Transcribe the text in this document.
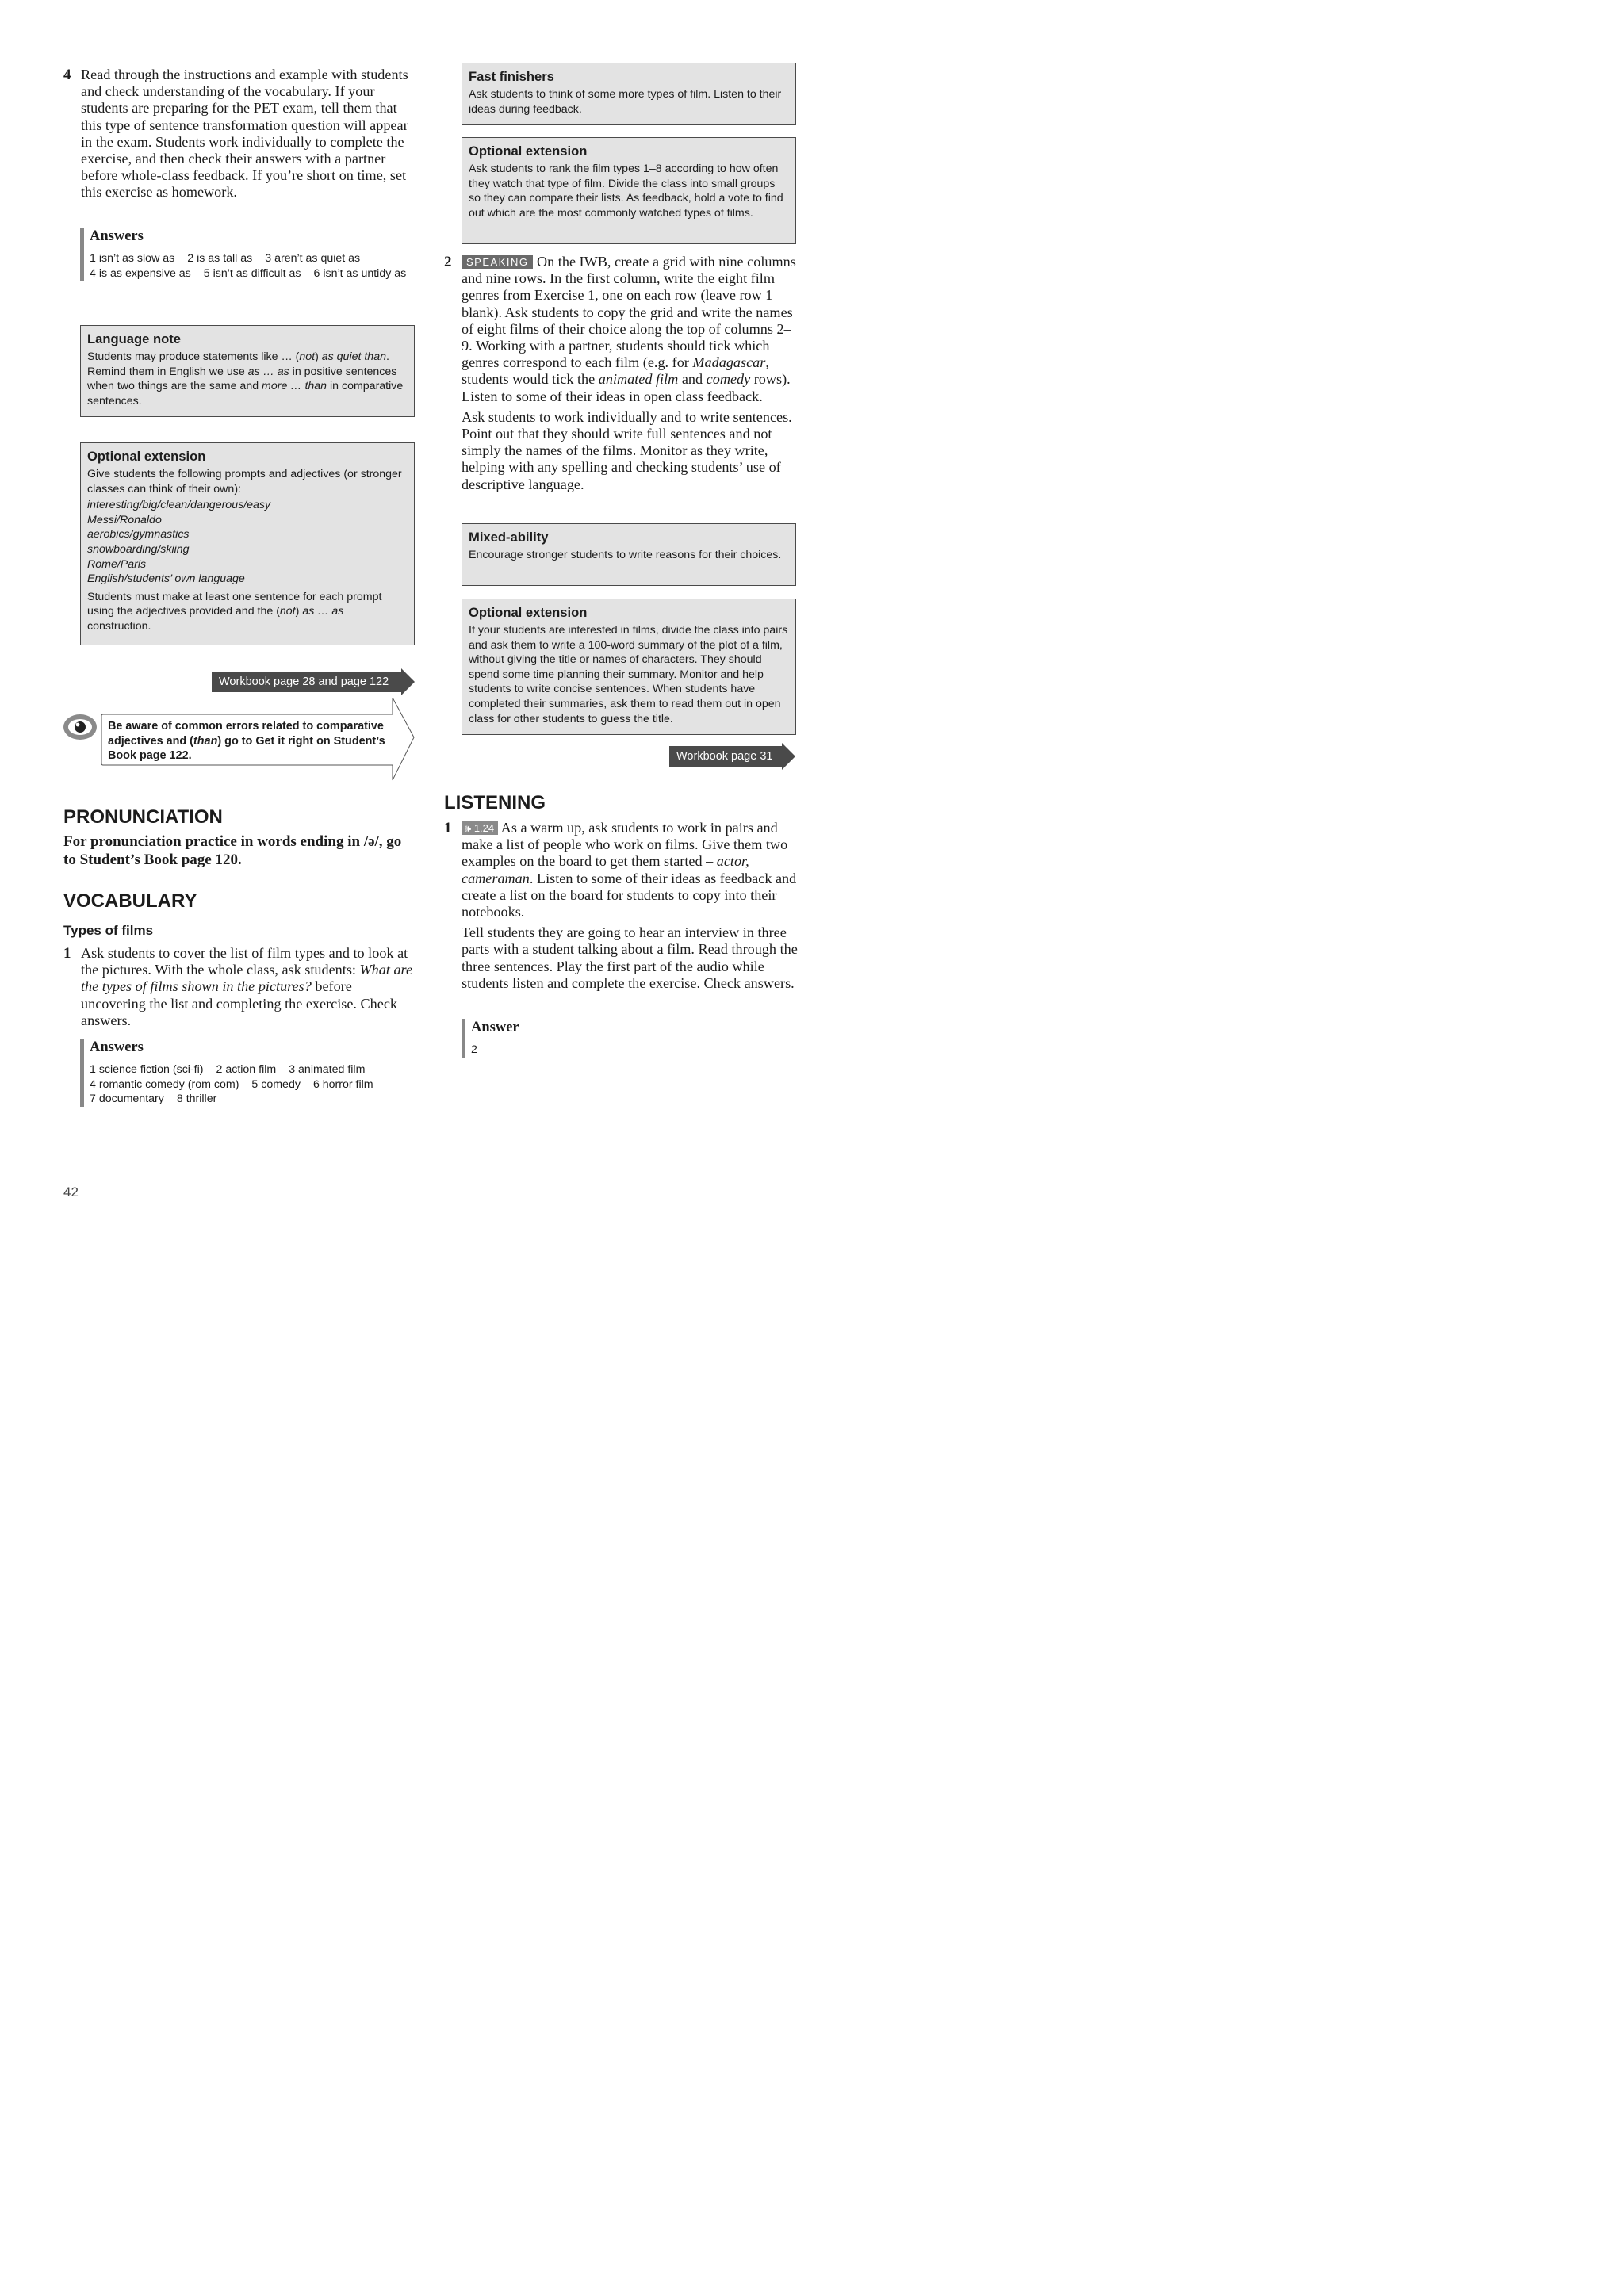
4 Read through the instructions and example with students and check understanding of the vocabulary. If your students are preparing for the PET exam, tell them that this type of sentence transformation question will appear in the exam. Students work individually to complete the exercise, and then check their answers with a partner before whole-class feedback. If you’re short on time, set this exercise as homework.

Answers

1 isn’t as slow as 2 is as tall as 3 aren’t as quiet as
4 is as expensive as 5 isn’t as difficult as 6 isn’t as untidy as

Language note

Students may produce statements like … (not) as quiet than. Remind them in English we use as … as in positive sentences when two things are the same and more … than in comparative sentences.

Optional extension

Give students the following prompts and adjectives (or stronger classes can think of their own):

interesting/big/clean/dangerous/easy
Messi/Ronaldo
aerobics/gymnastics
snowboarding/skiing
Rome/Paris
English/students’ own language

Students must make at least one sentence for each prompt using the adjectives provided and the (not) as … as construction.

Workbook page 28 and page 122

Be aware of common errors related to comparative adjectives and (than) go to Get it right on Student’s Book page 122.

PRONUNCIATION

For pronunciation practice in words ending in /ə/, go to Student’s Book page 120.

VOCABULARY

Types of films

1 Ask students to cover the list of film types and to look at the pictures. With the whole class, ask students: What are the types of films shown in the pictures? before uncovering the list and completing the exercise. Check answers.

Answers

1 science fiction (sci-fi) 2 action film 3 animated film
4 romantic comedy (rom com) 5 comedy 6 horror film
7 documentary 8 thriller

42

Fast finishers

Ask students to think of some more types of film. Listen to their ideas during feedback.

Optional extension

Ask students to rank the film types 1–8 according to how often they watch that type of film. Divide the class into small groups so they can compare their lists. As feedback, hold a vote to find out which are the most commonly watched types of films.

2	SPEAKING On the IWB, create a grid with nine columns and nine rows. In the first column, write the eight film genres from Exercise 1, one on each row (leave row 1 blank). Ask students to copy the grid and write the names of eight films of their choice along the top of columns 2–9. Working with a partner, students should tick which genres correspond to each film (e.g. for Madagascar, students would tick the animated film and comedy rows). Listen to some of their ideas in open class feedback.

Ask students to work individually and to write sentences. Point out that they should write full sentences and not simply the names of the films. Monitor as they write, helping with any spelling and checking students’ use of descriptive language.

Mixed-ability

Encourage stronger students to write reasons for their choices.

Optional extension

If your students are interested in films, divide the class into pairs and ask them to write a 100-word summary of the plot of a film, without giving the title or names of characters. They should spend some time planning their summary. Monitor and help students to write concise sentences. When students have completed their summaries, ask them to read them out in open class for other students to guess the title.

Workbook page 31
LISTENING
1	🕪 1.24 As a warm up, ask students to work in pairs and make a list of people who work on films. Give them two examples on the board to get them started – actor, cameraman. Listen to some of their ideas as feedback and create a list on the board for students to copy into their notebooks.

Tell students they are going to hear an interview in three parts with a student talking about a film. Read through the three sentences. Play the first part of the audio while students listen and complete the exercise. Check answers.

Answer

2
